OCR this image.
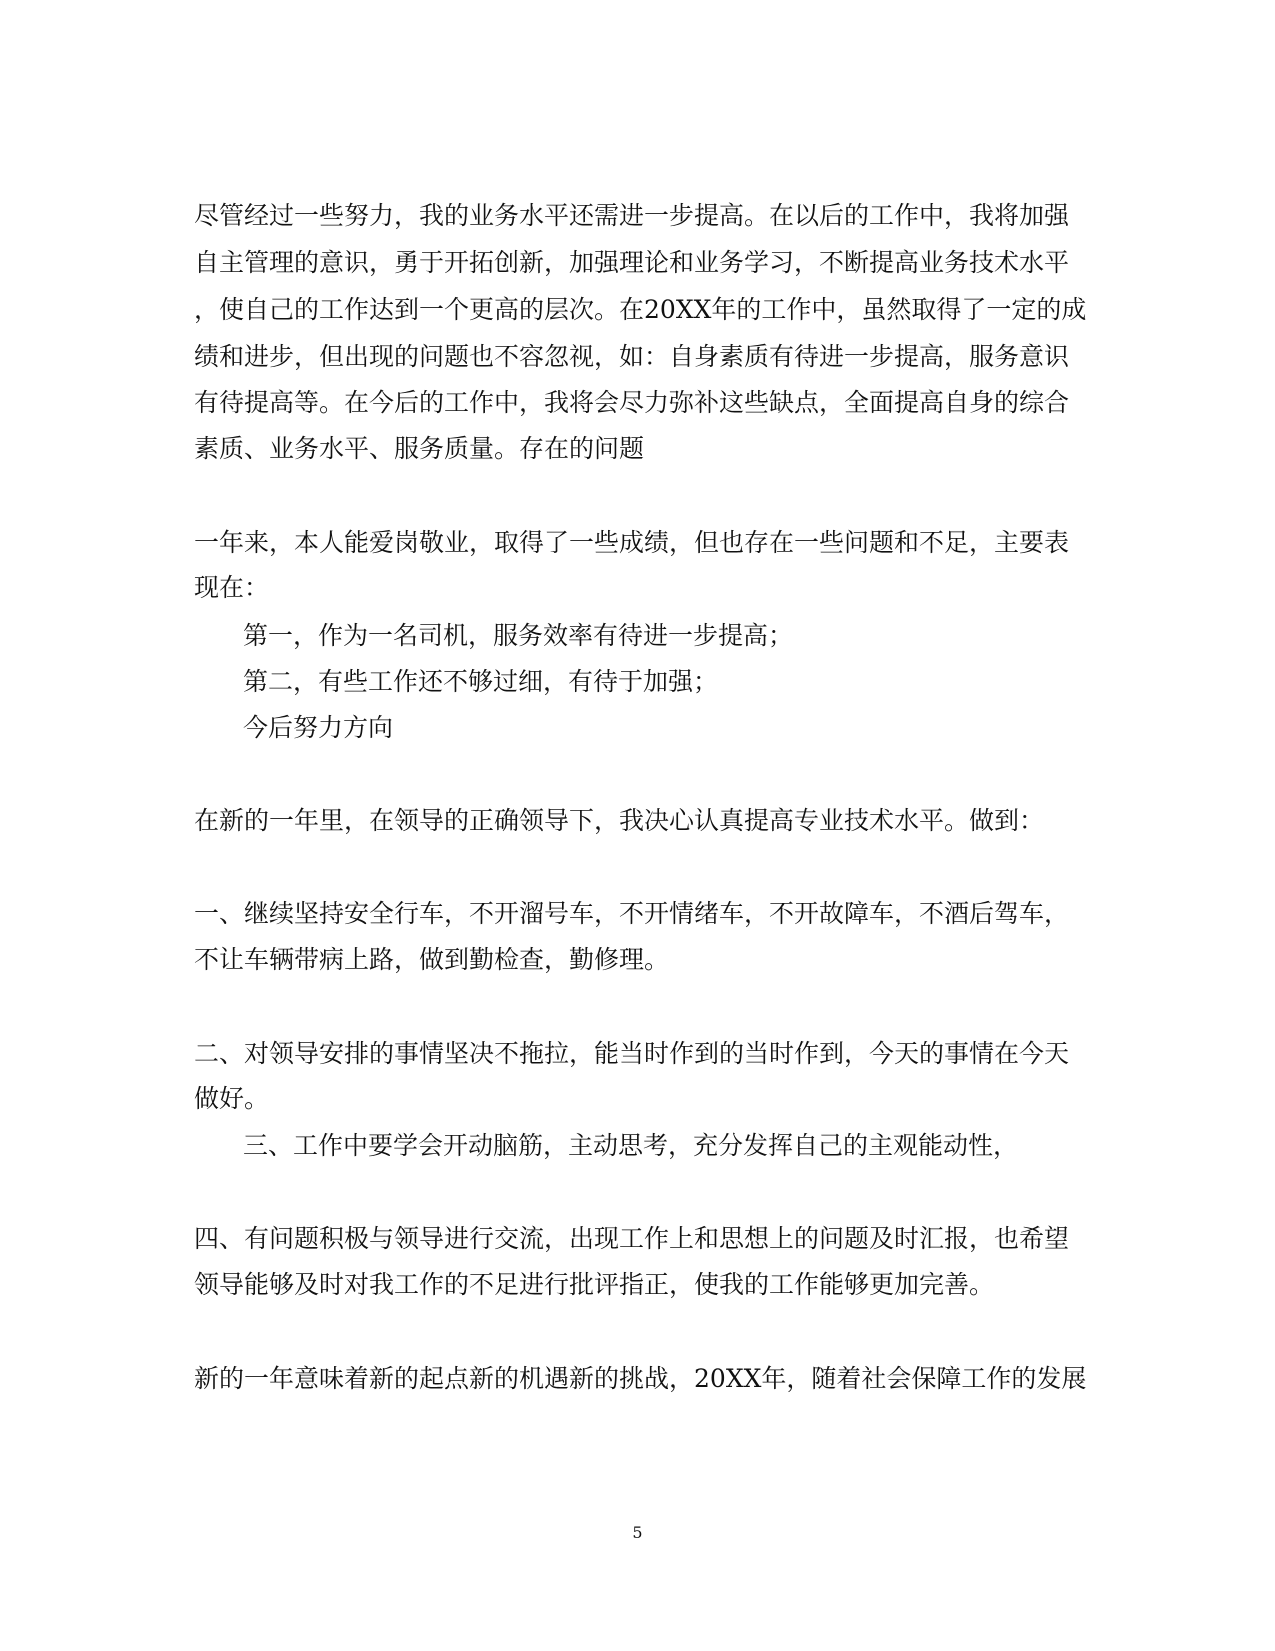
尽管经过一些努力，我的业务水平还需进一步提高。在以后的工作中，我将加强
自主管理的意识，勇于开拓创新，加强理论和业务学习，不断提高业务技术水平
，使自己的工作达到一个更高的层次。在20XX年的工作中，虽然取得了一定的成
绩和进步，但出现的问题也不容忽视，如：自身素质有待进一步提高，服务意识
有待提高等。在今后的工作中，我将会尽力弥补这些缺点，全面提高自身的综合
素质、业务水平、服务质量。存在的问题
一年来，本人能爱岗敬业，取得了一些成绩，但也存在一些问题和不足，主要表
现在：
第一，作为一名司机，服务效率有待进一步提高；
第二，有些工作还不够过细，有待于加强；
今后努力方向
在新的一年里，在领导的正确领导下，我决心认真提高专业技术水平。做到：
一、继续坚持安全行车，不开溜号车，不开情绪车，不开故障车，不酒后驾车，
不让车辆带病上路，做到勤检查，勤修理。
二、对领导安排的事情坚决不拖拉，能当时作到的当时作到，今天的事情在今天
做好。
三、工作中要学会开动脑筋，主动思考，充分发挥自己的主观能动性，
四、有问题积极与领导进行交流，出现工作上和思想上的问题及时汇报，也希望
领导能够及时对我工作的不足进行批评指正，使我的工作能够更加完善。
新的一年意味着新的起点新的机遇新的挑战，20XX年，随着社会保障工作的发展
5
